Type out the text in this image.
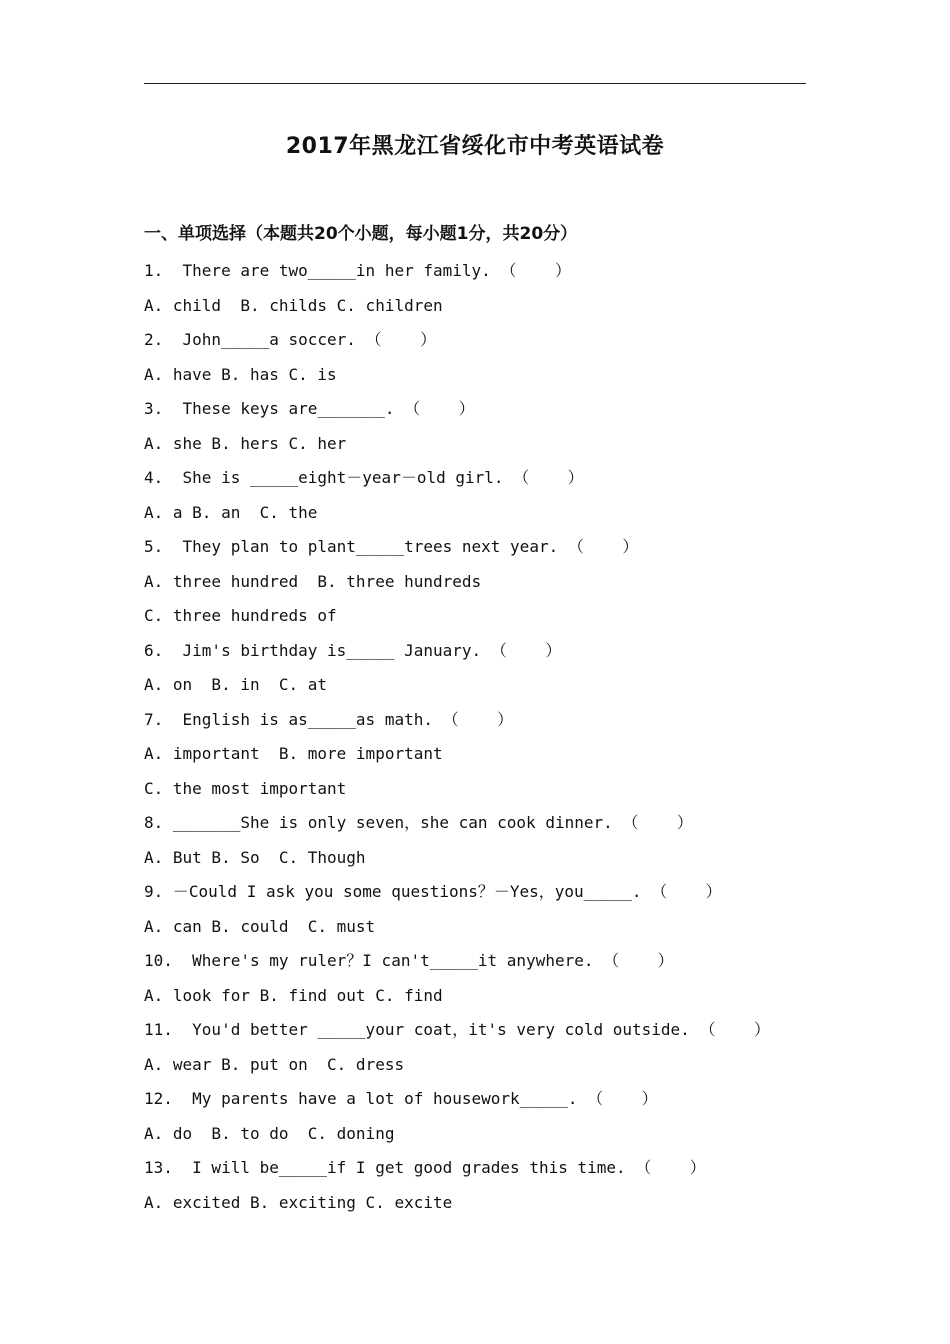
2017年黑龙江省绥化市中考英语试卷
一、单项选择（本题共20个小题，每小题1分，共20分）
1.  There are two_____in her family. （    ）
A. child  B. childs C. children
2.  John_____a soccer. （    ）
A. have B. has C. is
3.  These keys are_______. （    ）
A. she B. hers C. her
4.  She is _____eight－year－old girl. （    ）
A. a B. an  C. the
5.  They plan to plant_____trees next year. （    ）
A. three hundred  B. three hundreds
C. three hundreds of
6.  Jim's birthday is_____ January. （    ）
A. on  B. in  C. at
7.  English is as_____as math. （    ）
A. important  B. more important
C. the most important
8. _______She is only seven，she can cook dinner. （    ）
A. But B. So  C. Though
9. －Could I ask you some questions？－Yes，you_____. （    ）
A. can B. could  C. must
10.  Where's my ruler？I can't_____it anywhere. （    ）
A. look for B. find out C. find
11.  You'd better _____your coat，it's very cold outside. （    ）
A. wear B. put on  C. dress
12.  My parents have a lot of housework_____. （    ）
A. do  B. to do  C. doning
13.  I will be_____if I get good grades this time. （    ）
A. excited B. exciting C. excite
